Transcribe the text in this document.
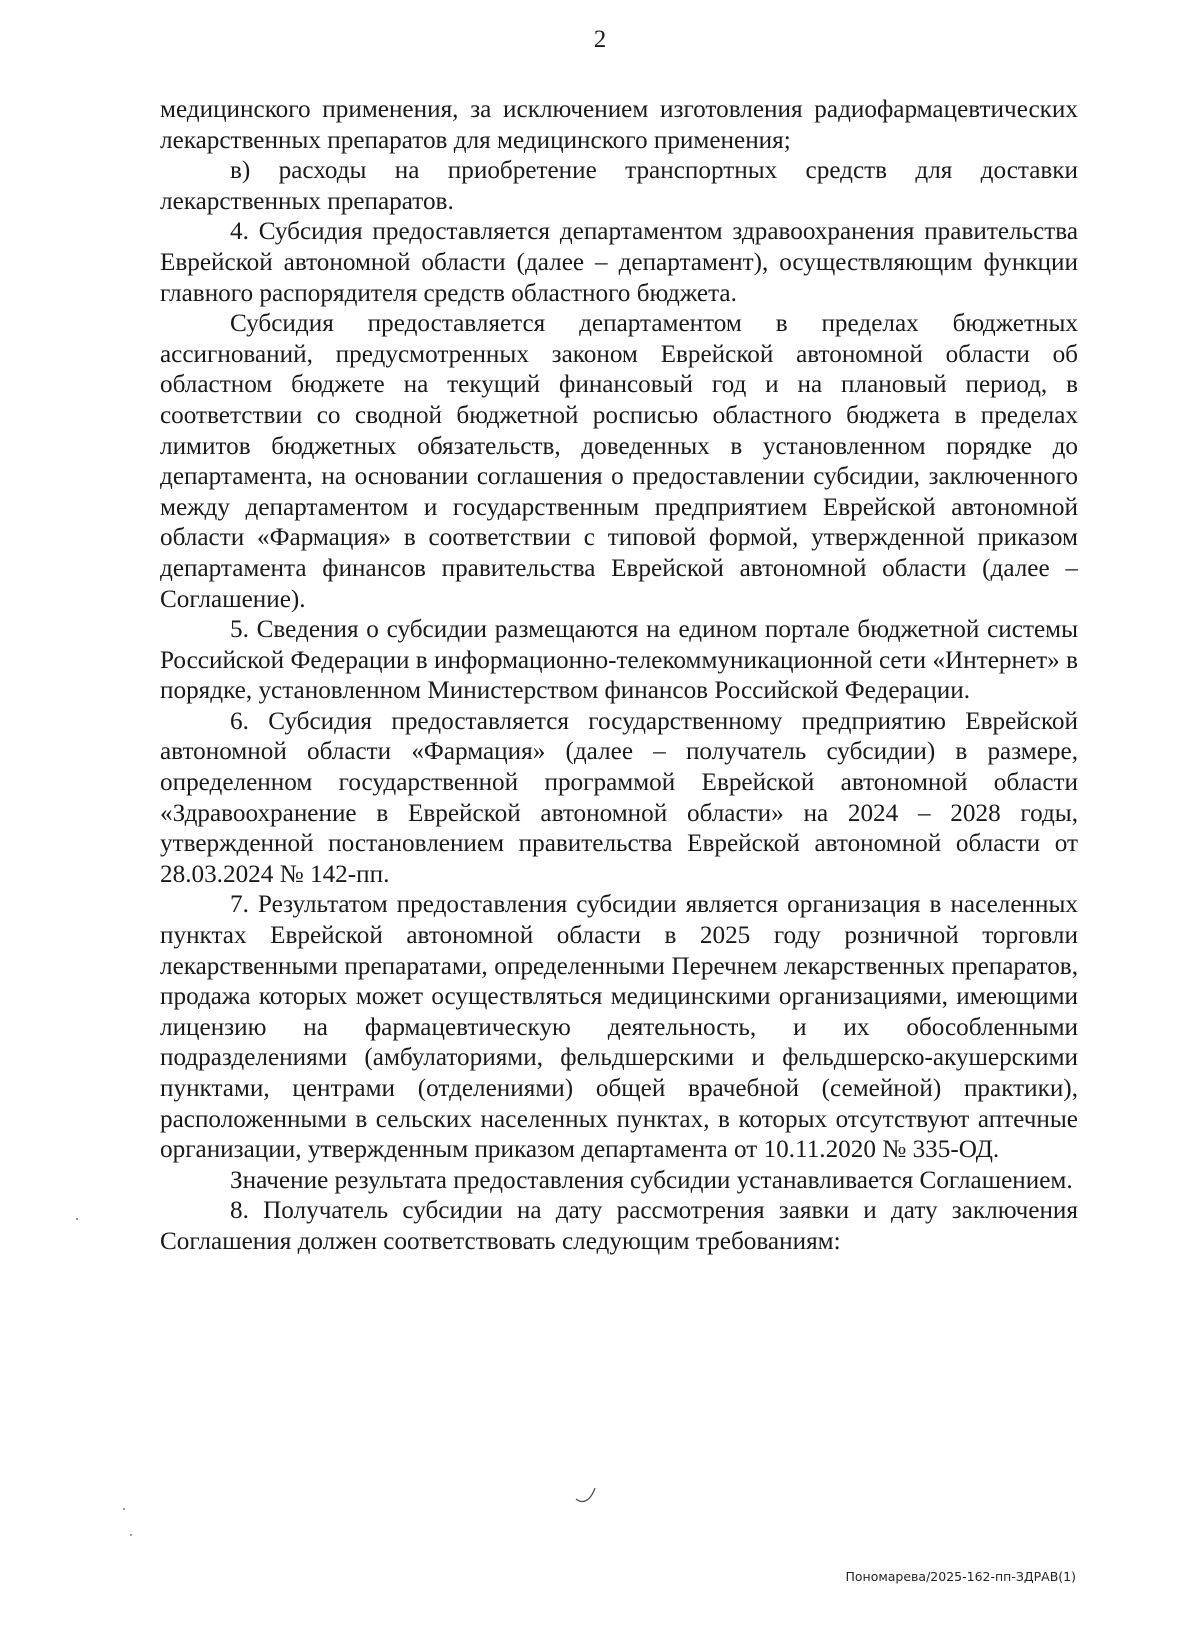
2

медицинского применения, за исключением изготовления радиофармацевтических лекарственных препаратов для медицинского применения;

в) расходы на приобретение транспортных средств для доставки лекарственных препаратов.

4. Субсидия предоставляется департаментом здравоохранения правительства Еврейской автономной области (далее – департамент), осуществляющим функции главного распорядителя средств областного бюджета.

Субсидия предоставляется департаментом в пределах бюджетных ассигнований, предусмотренных законом Еврейской автономной области об областном бюджете на текущий финансовый год и на плановый период, в соответствии со сводной бюджетной росписью областного бюджета в пределах лимитов бюджетных обязательств, доведенных в установленном порядке до департамента, на основании соглашения о предоставлении субсидии, заключенного между департаментом и государственным предприятием Еврейской автономной области «Фармация» в соответствии с типовой формой, утвержденной приказом департамента финансов правительства Еврейской автономной области (далее – Соглашение).

5. Сведения о субсидии размещаются на едином портале бюджетной системы Российской Федерации в информационно-телекоммуникационной сети «Интернет» в порядке, установленном Министерством финансов Российской Федерации.

6. Субсидия предоставляется государственному предприятию Еврейской автономной области «Фармация» (далее – получатель субсидии) в размере, определенном государственной программой Еврейской автономной области «Здравоохранение в Еврейской автономной области» на 2024 – 2028 годы, утвержденной постановлением правительства Еврейской автономной области от 28.03.2024 № 142-пп.

7. Результатом предоставления субсидии является организация в населенных пунктах Еврейской автономной области в 2025 году розничной торговли лекарственными препаратами, определенными Перечнем лекарственных препаратов, продажа которых может осуществляться медицинскими организациями, имеющими лицензию на фармацевтическую деятельность, и их обособленными подразделениями (амбулаториями, фельдшерскими и фельдшерско-акушерскими пунктами, центрами (отделениями) общей врачебной (семейной) практики), расположенными в сельских населенных пунктах, в которых отсутствуют аптечные организации, утвержденным приказом департамента от 10.11.2020 № 335-ОД.

Значение результата предоставления субсидии устанавливается Соглашением.

8. Получатель субсидии на дату рассмотрения заявки и дату заключения Соглашения должен соответствовать следующим требованиям:

Пономарева/2025-162-пп-ЗДРАВ(1)
